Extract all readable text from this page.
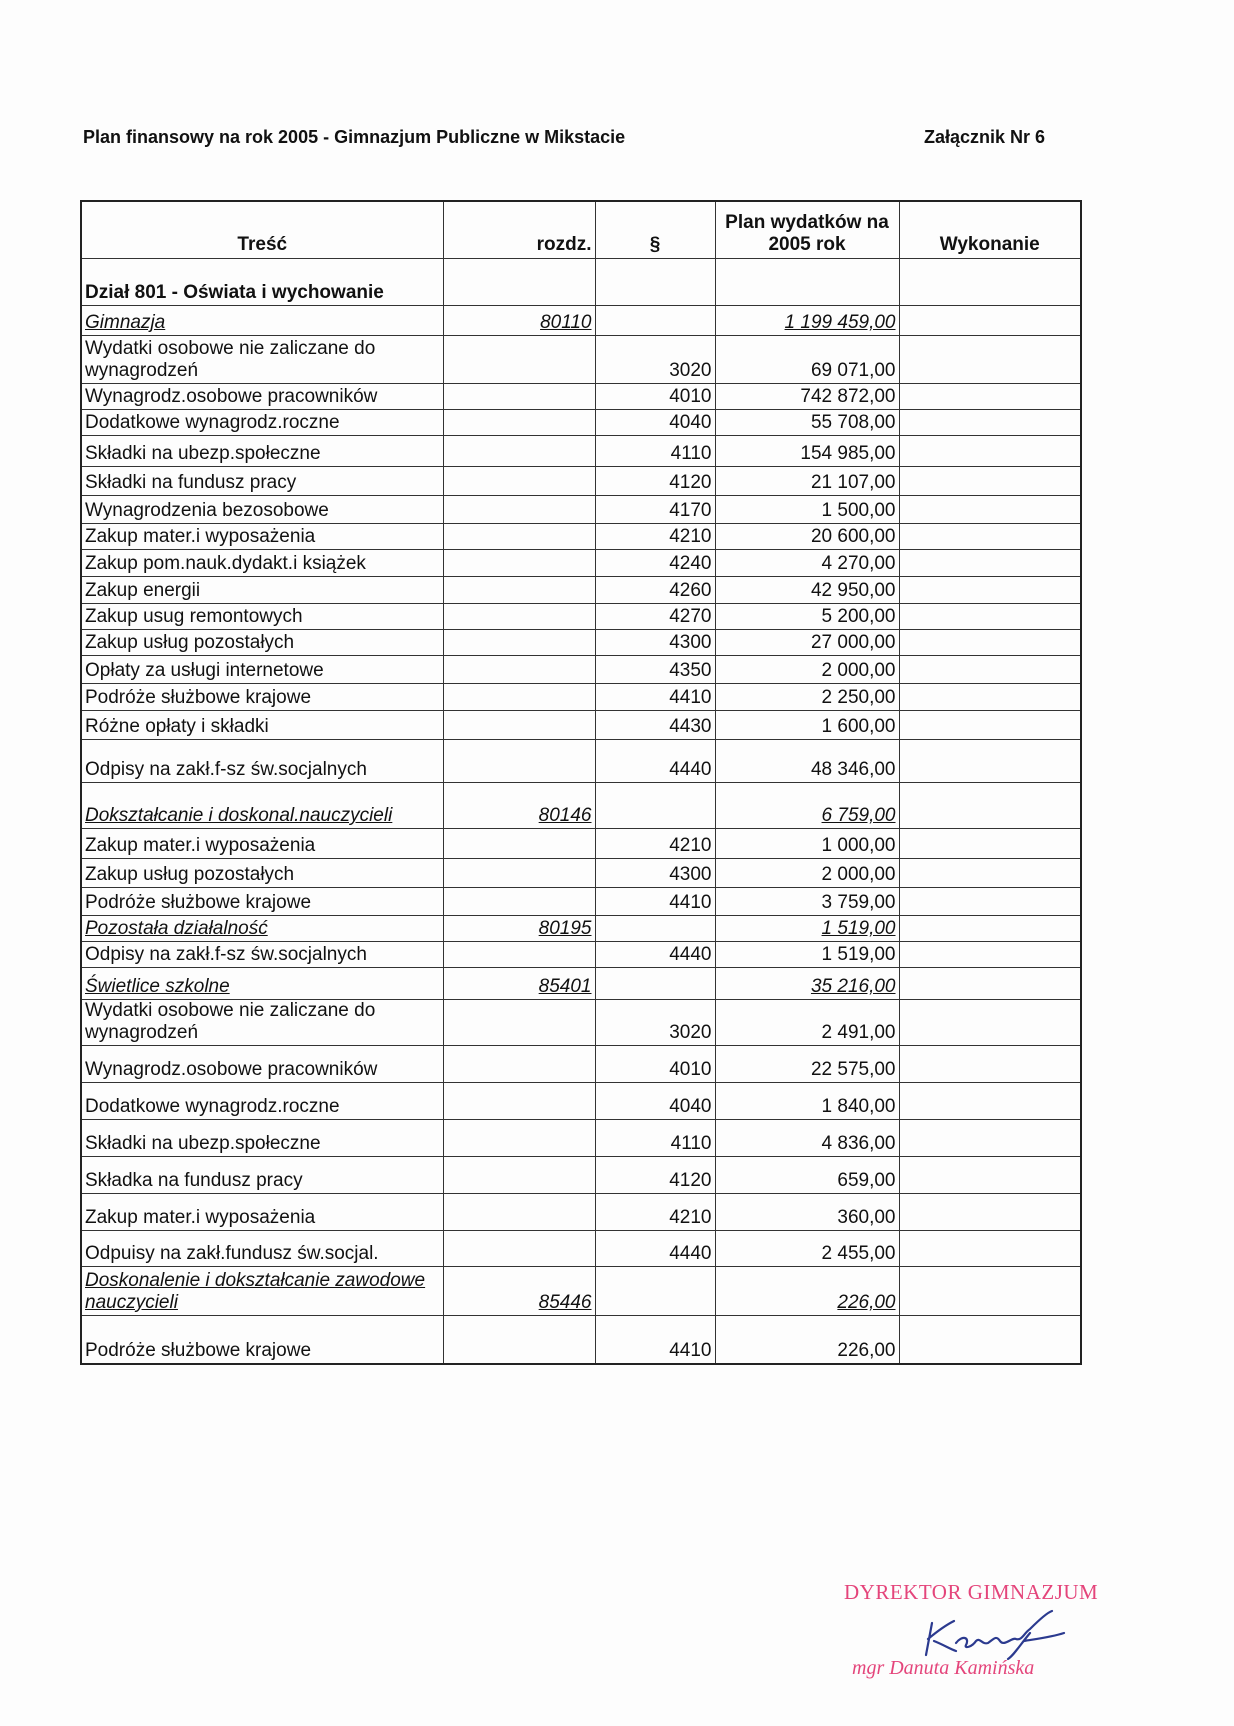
Plan finansowy na rok 2005 - Gimnazjum Publiczne w Mikstacie	Załącznik Nr 6
Treść	rozdz.	§	Plan wydatków na 2005 rok	Wykonanie
Dział 801 - Oświata i wychowanie				
Gimnazja	80110		1 199 459,00	
Wydatki osobowe nie zaliczane do wynagrodzeń		3020	69 071,00	
Wynagrodz.osobowe pracowników		4010	742 872,00	
Dodatkowe wynagrodz.roczne		4040	55 708,00	
Składki na ubezp.społeczne		4110	154 985,00	
Składki na fundusz pracy		4120	21 107,00	
Wynagrodzenia bezosobowe		4170	1 500,00	
Zakup mater.i wyposażenia		4210	20 600,00	
Zakup pom.nauk.dydakt.i książek		4240	4 270,00	
Zakup energii		4260	42 950,00	
Zakup usug remontowych		4270	5 200,00	
Zakup usług pozostałych		4300	27 000,00	
Opłaty za usługi internetowe		4350	2 000,00	
Podróże służbowe krajowe		4410	2 250,00	
Różne opłaty i składki		4430	1 600,00	
Odpisy na zakł.f-sz św.socjalnych		4440	48 346,00	
Dokształcanie i doskonal.nauczycieli	80146		6 759,00	
Zakup mater.i wyposażenia		4210	1 000,00	
Zakup usług pozostałych		4300	2 000,00	
Podróże służbowe krajowe		4410	3 759,00	
Pozostała działalność	80195		1 519,00	
Odpisy na zakł.f-sz św.socjalnych		4440	1 519,00	
Świetlice szkolne	85401		35 216,00	
Wydatki osobowe nie zaliczane do wynagrodzeń		3020	2 491,00	
Wynagrodz.osobowe pracowników		4010	22 575,00	
Dodatkowe wynagrodz.roczne		4040	1 840,00	
Składki na ubezp.społeczne		4110	4 836,00	
Składka na fundusz pracy		4120	659,00	
Zakup mater.i wyposażenia		4210	360,00	
Odpuisy na zakł.fundusz św.socjal.		4440	2 455,00	
Doskonalenie i dokształcanie zawodowe nauczycieli	85446		226,00	
Podróże służbowe krajowe		4410	226,00	
DYREKTOR GIMNAZJUM
mgr Danuta Kamińska
